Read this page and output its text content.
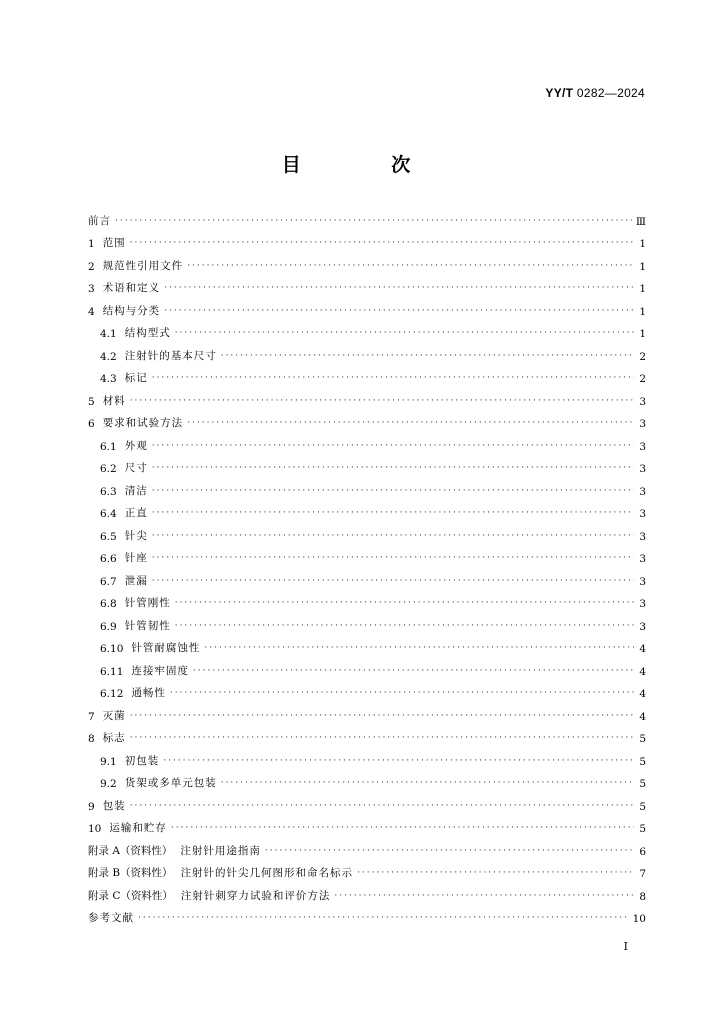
YY/T 0282—2024
目 次
前言 ·····	Ⅲ
1 范围 ·····	1
2 规范性引用文件 ·····	1
3 术语和定义 ·····	1
4 结构与分类 ·····	1
4.1 结构型式 ·····	1
4.2 注射针的基本尺寸 ·····	2
4.3 标记 ·····	2
5 材料 ·····	3
6 要求和试验方法 ·····	3
6.1 外观 ·····	3
6.2 尺寸 ·····	3
6.3 清洁 ·····	3
6.4 正直 ·····	3
6.5 针尖 ·····	3
6.6 针座 ·····	3
6.7 泄漏 ·····	3
6.8 针管刚性 ·····	3
6.9 针管韧性 ·····	3
6.10 针管耐腐蚀性 ·····	4
6.11 连接牢固度 ·····	4
6.12 通畅性 ·····	4
7 灭菌 ·····	4
8 标志 ·····	5
9.1 初包装 ·····	5
9.2 货架或多单元包装 ·····	5
9 包装 ·····	5
10 运输和贮存 ·····	5
附录 A（资料性） 注射针用途指南 ·····	6
附录 B（资料性） 注射针的针尖几何图形和命名标示 ·····	7
附录 C（资料性） 注射针刺穿力试验和评价方法 ·····	8
参考文献 ·····	10
I
